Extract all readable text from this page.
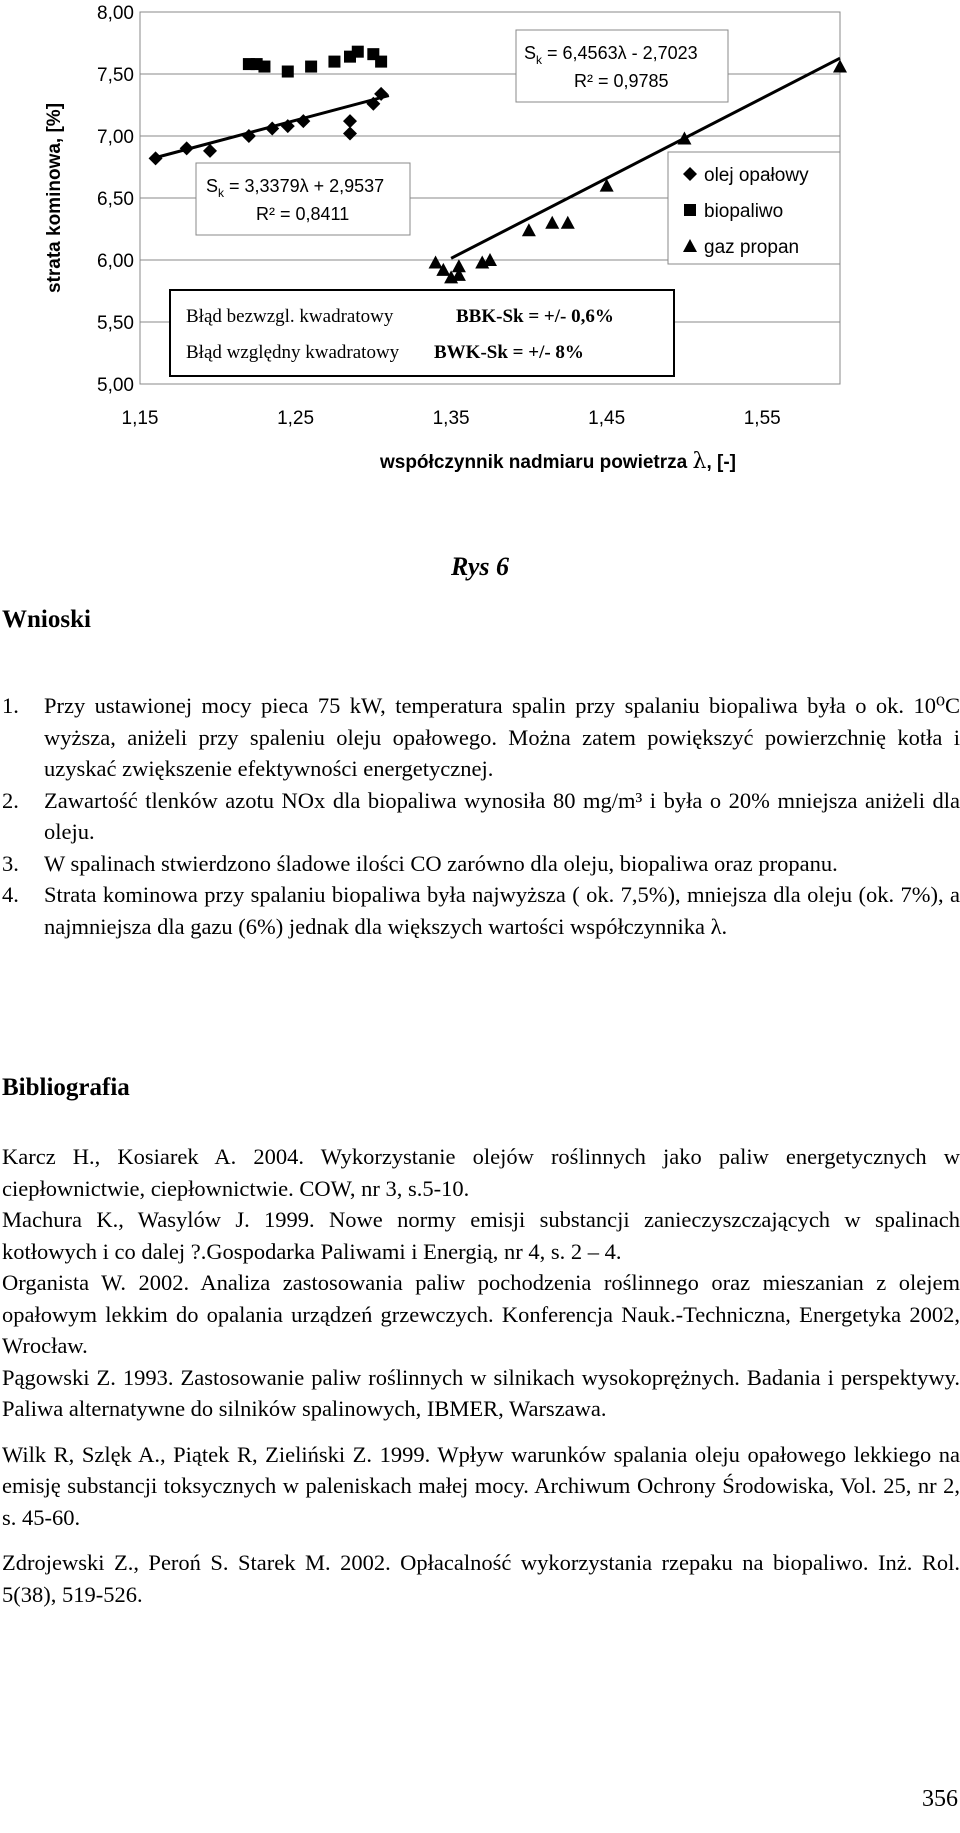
8,00
7,50
7,00
6,50
6,00
5,50
5,00
1,15	1,25	1,35	1,45	1,55
strata kominowa, [%]
współczynnik nadmiaru powietrza λ, [-]
$S_k = 3,3379\lambda + 2,9537$
R² = 0,8411
$S_k = 6,4563\lambda - 2,7023$
R² = 0,9785
olej opałowy
biopaliwo
gaz propan
Błąd bezwzgl. kwadratowy	BBK-Sk = +/- 0,6%
Błąd względny kwadratowy BWK-Sk = +/- 8%
Rys 6
Wnioski
1.	Przy ustawionej mocy pieca 75 kW, temperatura spalin przy spalaniu biopaliwa była o ok. 10⁰C wyższa, aniżeli przy spaleniu oleju opałowego. Można zatem powiększyć powierzchnię kotła i uzyskać zwiększenie efektywności energetycznej.
2.	Zawartość tlenków azotu NOx dla biopaliwa wynosiła 80 mg/m³ i była o 20% mniejsza aniżeli dla oleju.
3.	W spalinach stwierdzono śladowe ilości CO zarówno dla oleju, biopaliwa oraz propanu.
4.	Strata kominowa przy spalaniu biopaliwa była najwyższa ( ok. 7,5%), mniejsza dla oleju (ok. 7%), a najmniejsza dla gazu (6%) jednak dla większych wartości współczynnika λ.
Bibliografia
Karcz H., Kosiarek A. 2004. Wykorzystanie olejów roślinnych jako paliw energetycznych w ciepłownictwie, ciepłownictwie. COW, nr 3, s.5-10.
Machura K., Wasylów J. 1999. Nowe normy emisji substancji zanieczyszczających w spalinach kotłowych i co dalej ?.Gospodarka Paliwami i Energią, nr 4, s. 2 – 4.
Organista W. 2002. Analiza zastosowania paliw pochodzenia roślinnego oraz mieszanian z olejem opałowym lekkim do opalania urządzeń grzewczych. Konferencja Nauk.-Techniczna, Energetyka 2002, Wrocław.
Pągowski Z. 1993. Zastosowanie paliw roślinnych w silnikach wysokoprężnych. Badania i perspektywy. Paliwa alternatywne do silników spalinowych, IBMER, Warszawa.
Wilk R, Szlęk A., Piątek R, Zieliński Z. 1999. Wpływ warunków spalania oleju opałowego lekkiego na emisję substancji toksycznych w paleniskach małej mocy. Archiwum Ochrony Środowiska, Vol. 25, nr 2, s. 45-60.
Zdrojewski Z., Peroń S. Starek M. 2002. Opłacalność wykorzystania rzepaku na biopaliwo. Inż. Rol. 5(38), 519-526.
356
